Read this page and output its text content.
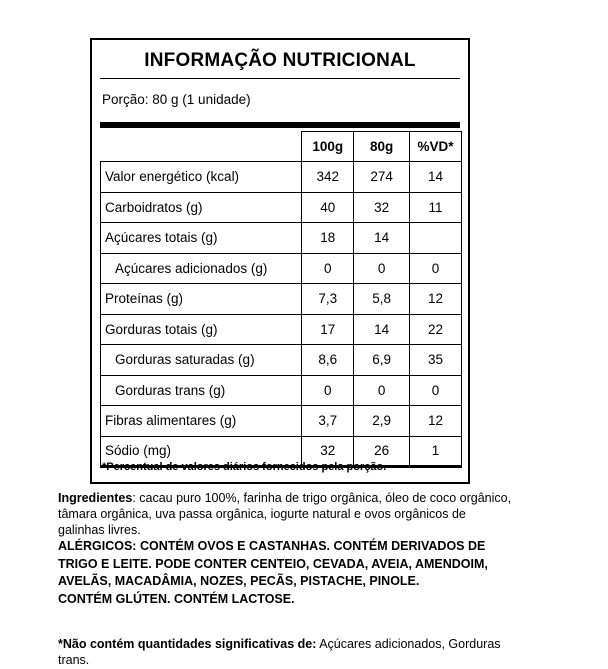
INFORMAÇÃO NUTRICIONAL
Porção: 80 g (1 unidade)
	100g	80g	%VD*
Valor energético (kcal)	342	274	14
Carboidratos (g)	40	32	11
Açúcares totais (g)	18	14	
Açúcares adicionados (g)	0	0	0
Proteínas (g)	7,3	5,8	12
Gorduras totais (g)	17	14	22
Gorduras saturadas (g)	8,6	6,9	35
Gorduras trans (g)	0	0	0
Fibras alimentares (g)	3,7	2,9	12
Sódio (mg)	32	26	1
*Percentual de valores diários fornecidos pela porção.
Ingredientes: cacau puro 100%, farinha de trigo orgânica, óleo de coco orgânico, tâmara orgânica, uva passa orgânica, iogurte natural e ovos orgânicos de galinhas livres.
ALÉRGICOS: CONTÉM OVOS E CASTANHAS. CONTÉM DERIVADOS DE TRIGO E LEITE. PODE CONTER CENTEIO, CEVADA, AVEIA, AMENDOIM, AVELÃS, MACADÂMIA, NOZES, PECÃS, PISTACHE, PINOLE.
CONTÉM GLÚTEN. CONTÉM LACTOSE.
*Não contém quantidades significativas de: Açúcares adicionados, Gorduras trans.
